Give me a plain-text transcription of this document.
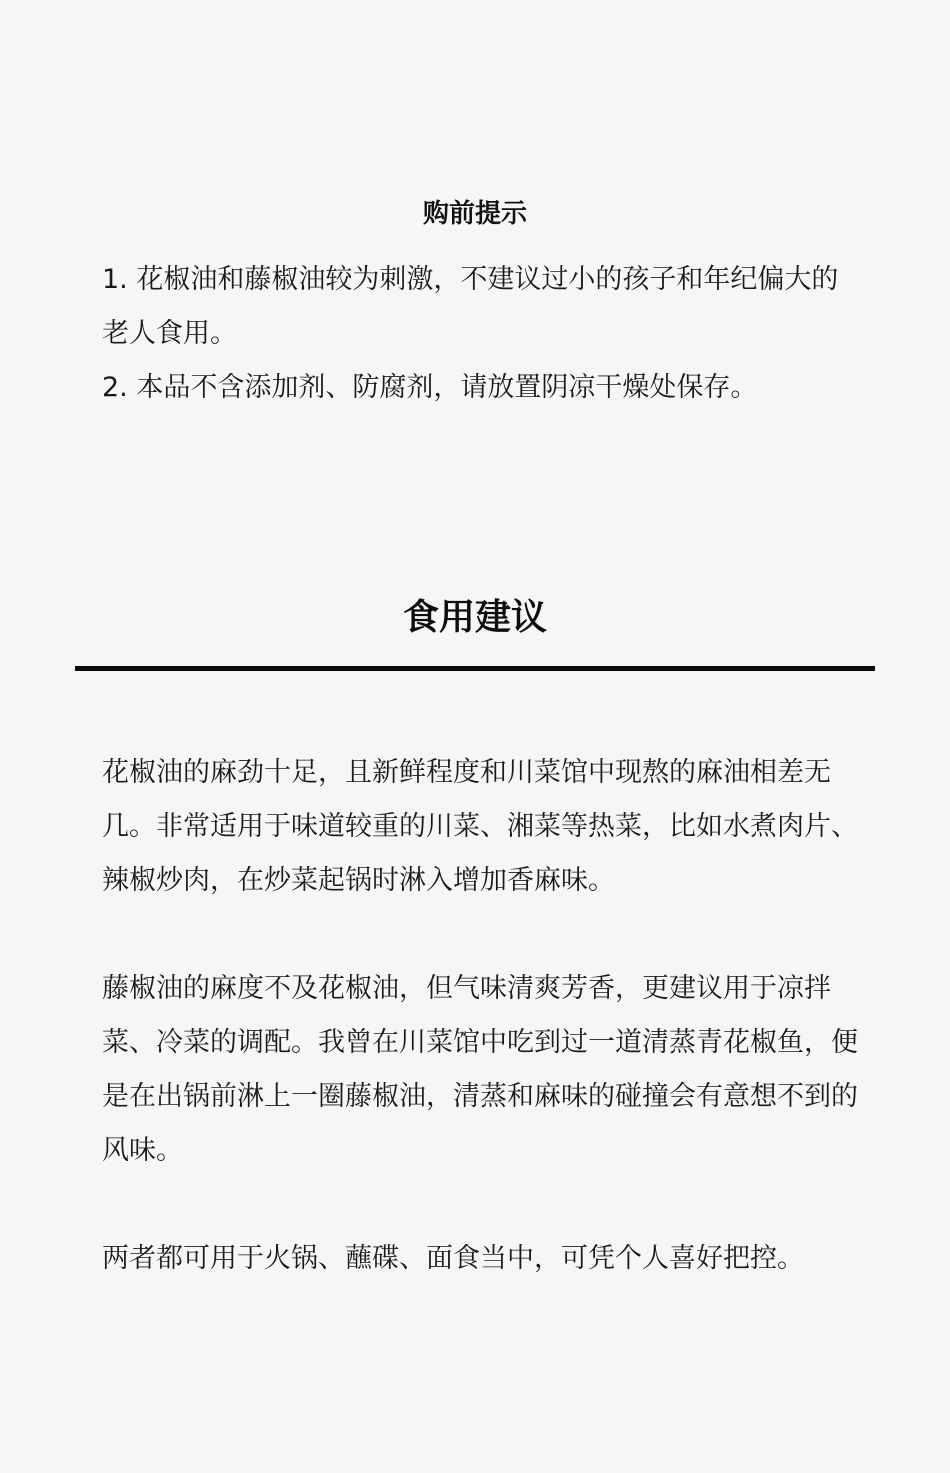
购前提示

1. 花椒油和藤椒油较为刺激，不建议过小的孩子和年纪偏大的老人食用。

2. 本品不含添加剂、防腐剂，请放置阴凉干燥处保存。

食用建议

花椒油的麻劲十足，且新鲜程度和川菜馆中现熬的麻油相差无几。非常适用于味道较重的川菜、湘菜等热菜，比如水煮肉片、辣椒炒肉，在炒菜起锅时淋入增加香麻味。

藤椒油的麻度不及花椒油，但气味清爽芳香，更建议用于凉拌菜、冷菜的调配。我曾在川菜馆中吃到过一道清蒸青花椒鱼，便是在出锅前淋上一圈藤椒油，清蒸和麻味的碰撞会有意想不到的风味。

两者都可用于火锅、蘸碟、面食当中，可凭个人喜好把控。
